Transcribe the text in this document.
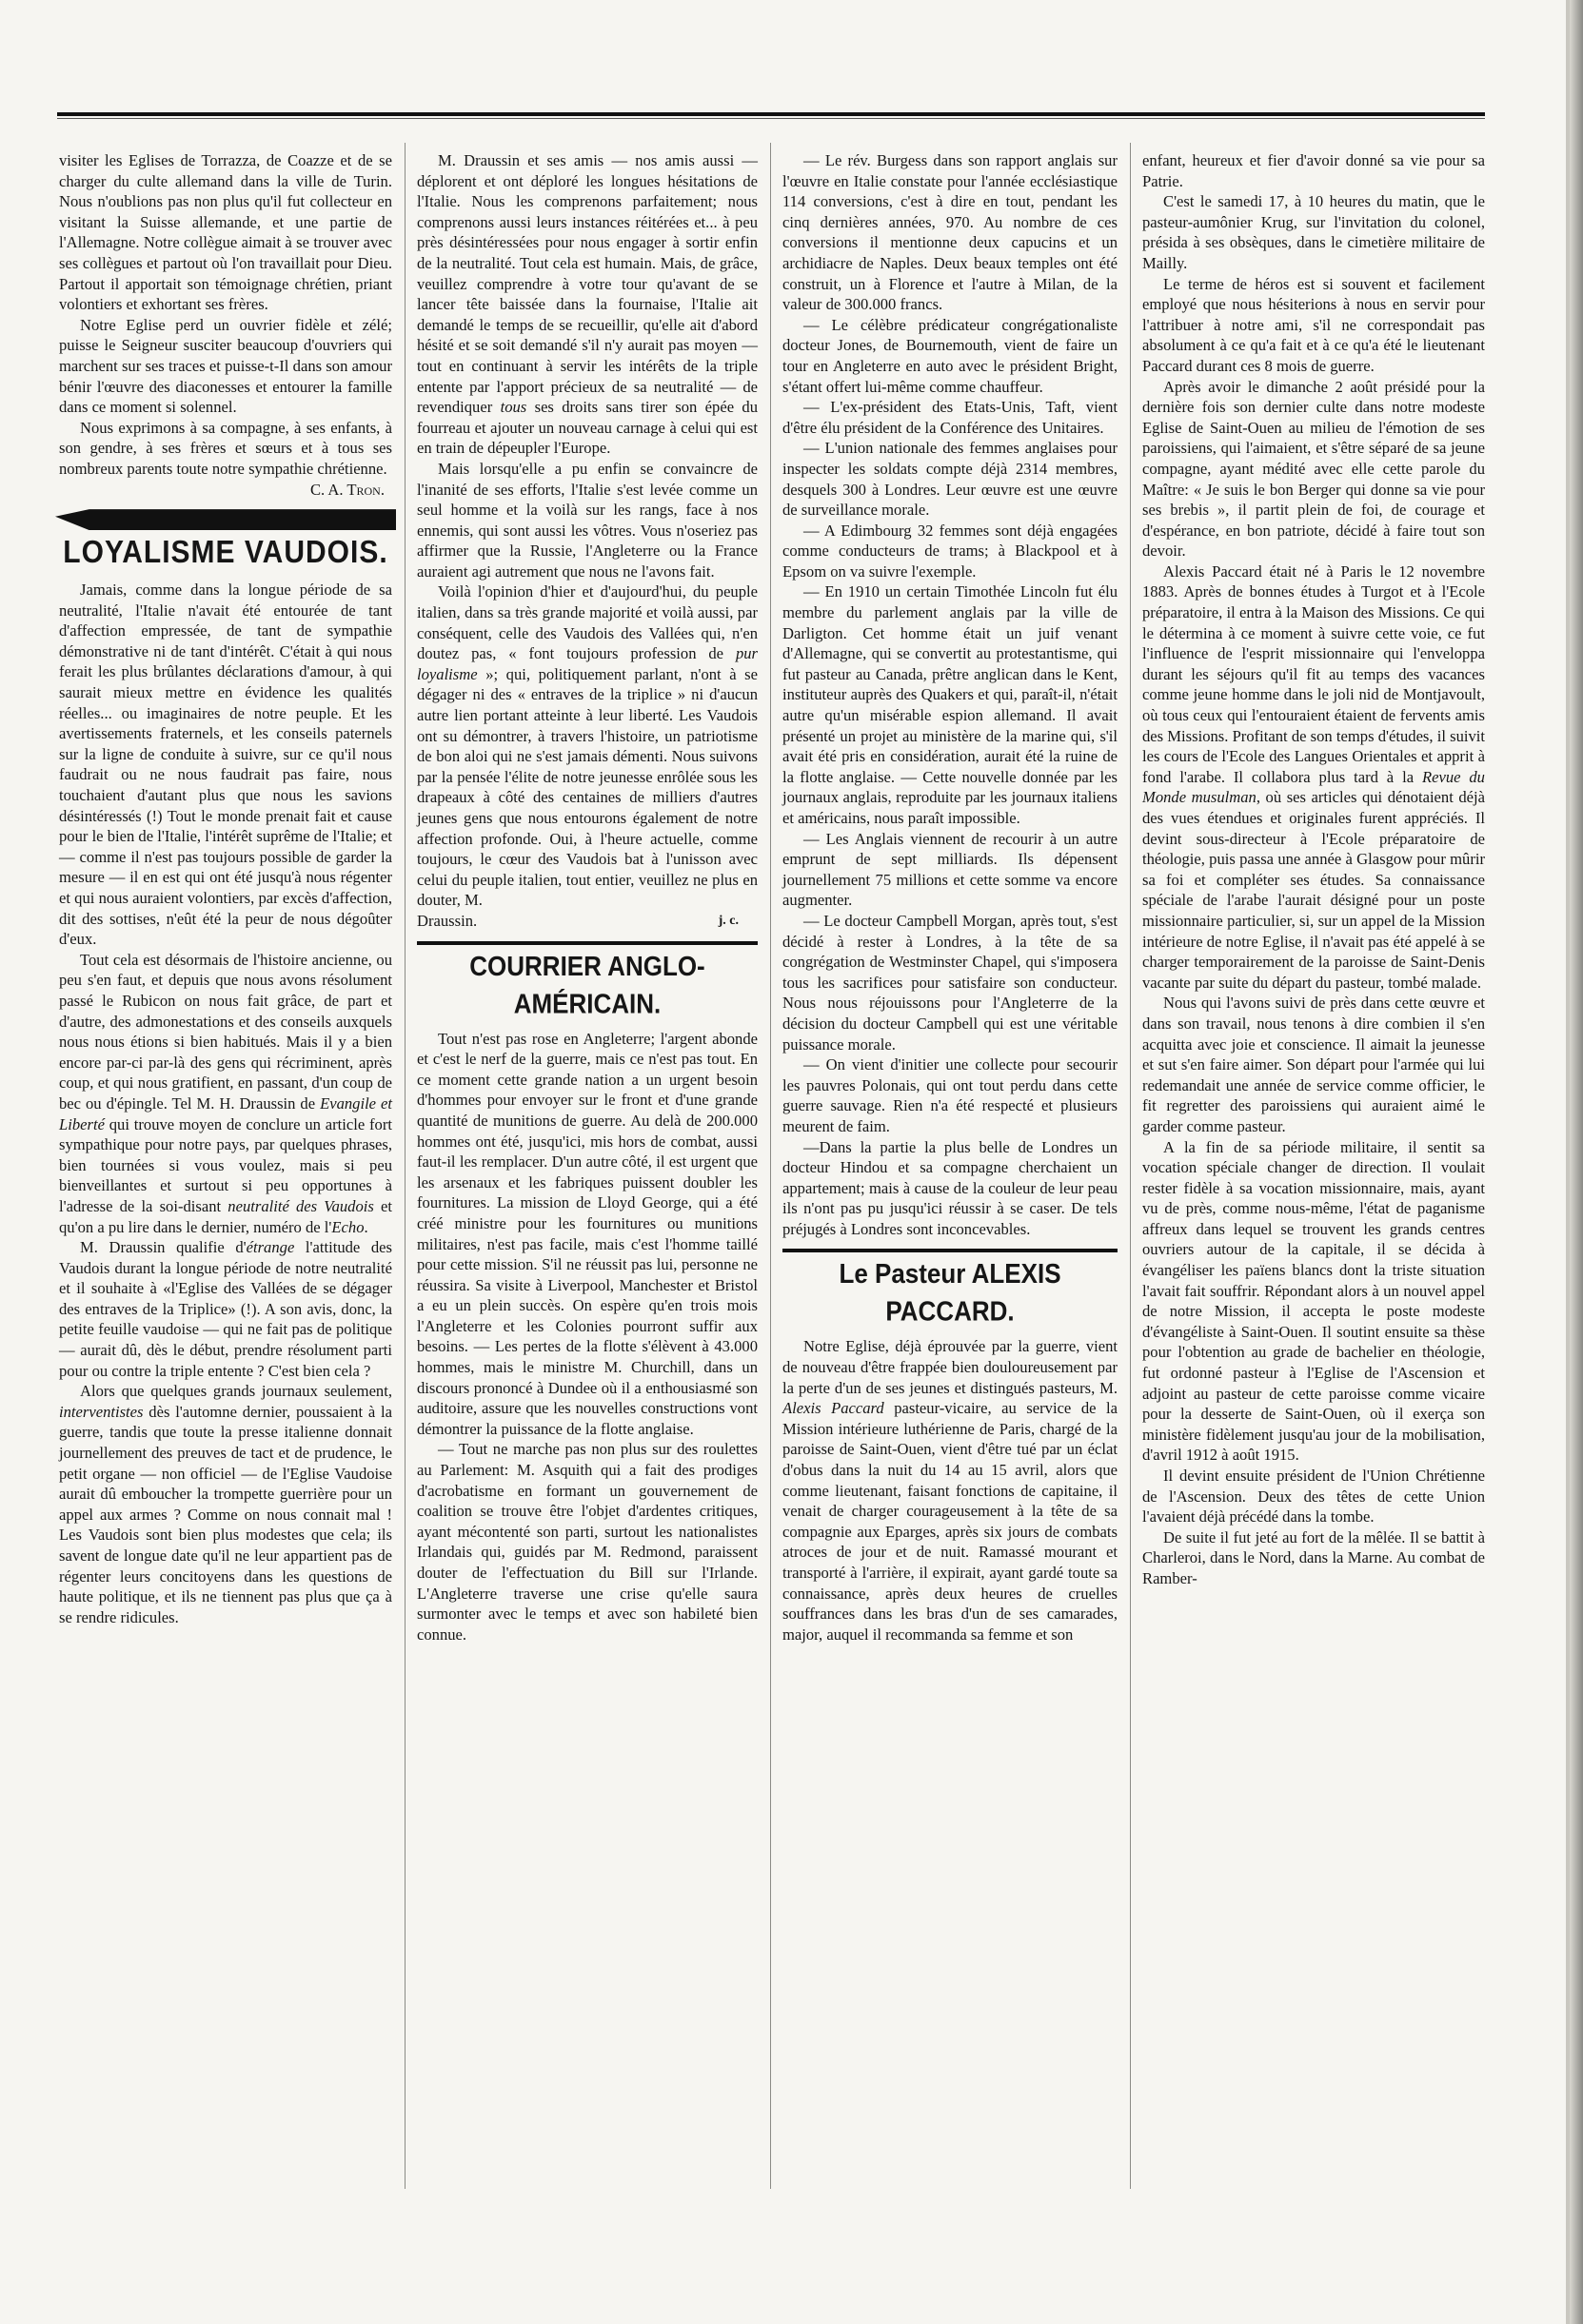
visiter les Eglises de Torrazza, de Coazze et de se charger du culte allemand dans la ville de Turin. Nous n'oublions pas non plus qu'il fut collecteur en visitant la Suisse allemande, et une partie de l'Allemagne. Notre collègue aimait à se trouver avec ses collègues et partout où l'on travaillait pour Dieu. Partout il apportait son témoignage chrétien, priant volontiers et exhortant ses frères.

Notre Eglise perd un ouvrier fidèle et zélé; puisse le Seigneur susciter beaucoup d'ouvriers qui marchent sur ses traces et puisse-t-Il dans son amour bénir l'œuvre des diaconesses et entourer la famille dans ce moment si solennel.

Nous exprimons à sa compagne, à ses enfants, à son gendre, à ses frères et sœurs et à tous ses nombreux parents toute notre sympathie chrétienne.

C. A. Tron.
LOYALISME VAUDOIS.

Jamais, comme dans la longue période de sa neutralité, l'Italie n'avait été entourée de tant d'affection empressée, de tant de sympathie démonstrative ni de tant d'intérêt. C'était à qui nous ferait les plus brûlantes déclarations d'amour, à qui saurait mieux mettre en évidence les qualités réelles... ou imaginaires de notre peuple. Et les avertissements fraternels, et les conseils paternels sur la ligne de conduite à suivre, sur ce qu'il nous faudrait ou ne nous faudrait pas faire, nous touchaient d'autant plus que nous les savions désintéressés (!) Tout le monde prenait fait et cause pour le bien de l'Italie, l'intérêt suprême de l'Italie; et — comme il n'est pas toujours possible de garder la mesure — il en est qui ont été jusqu'à nous régenter et qui nous auraient volontiers, par excès d'affection, dit des sottises, n'eût été la peur de nous dégoûter d'eux.

Tout cela est désormais de l'histoire ancienne, ou peu s'en faut, et depuis que nous avons résolument passé le Rubicon on nous fait grâce, de part et d'autre, des admonestations et des conseils auxquels nous nous étions si bien habitués. Mais il y a bien encore par-ci par-là des gens qui récriminent, après coup, et qui nous gratifient, en passant, d'un coup de bec ou d'épingle. Tel M. H. Draussin de Evangile et Liberté qui trouve moyen de conclure un article fort sympathique pour notre pays, par quelques phrases, bien tournées si vous voulez, mais si peu bienveillantes et surtout si peu opportunes à l'adresse de la soi-disant neutralité des Vaudois et qu'on a pu lire dans le dernier, numéro de l'Echo.

M. Draussin qualifie d'étrange l'attitude des Vaudois durant la longue période de notre neutralité et il souhaite à «l'Eglise des Vallées de se dégager des entraves de la Triplice» (!). A son avis, donc, la petite feuille vaudoise — qui ne fait pas de politique — aurait dû, dès le début, prendre résolument parti pour ou contre la triple entente ? C'est bien cela ?

Alors que quelques grands journaux seulement, interventistes dès l'automne dernier, poussaient à la guerre, tandis que toute la presse italienne donnait journellement des preuves de tact et de prudence, le petit organe — non officiel — de l'Eglise Vaudoise aurait dû emboucher la trompette guerrière pour un appel aux armes ? Comme on nous connait mal ! Les Vaudois sont bien plus modestes que cela; ils savent de longue date qu'il ne leur appartient pas de régenter leurs concitoyens dans les questions de haute politique, et ils ne tiennent pas plus que ça à se rendre ridicules.

M. Draussin et ses amis — nos amis aussi — déplorent et ont déploré les longues hésitations de l'Italie. Nous les comprenons parfaitement; nous comprenons aussi leurs instances réitérées et... à peu près désintéressées pour nous engager à sortir enfin de la neutralité. Tout cela est humain. Mais, de grâce, veuillez comprendre à votre tour qu'avant de se lancer tête baissée dans la fournaise, l'Italie ait demandé le temps de se recueillir, qu'elle ait d'abord hésité et se soit demandé s'il n'y aurait pas moyen — tout en continuant à servir les intérêts de la triple entente par l'apport précieux de sa neutralité — de revendiquer tous ses droits sans tirer son épée du fourreau et ajouter un nouveau carnage à celui qui est en train de dépeupler l'Europe.

Mais lorsqu'elle a pu enfin se convaincre de l'inanité de ses efforts, l'Italie s'est levée comme un seul homme et la voilà sur les rangs, face à nos ennemis, qui sont aussi les vôtres. Vous n'oseriez pas affirmer que la Russie, l'Angleterre ou la France auraient agi autrement que nous ne l'avons fait.

Voilà l'opinion d'hier et d'aujourd'hui, du peuple italien, dans sa très grande majorité et voilà aussi, par conséquent, celle des Vaudois des Vallées qui, n'en doutez pas, « font toujours profession de pur loyalisme »; qui, politiquement parlant, n'ont à se dégager ni des « entraves de la triplice » ni d'aucun autre lien portant atteinte à leur liberté. Les Vaudois ont su démontrer, à travers l'histoire, un patriotisme de bon aloi qui ne s'est jamais démenti. Nous suivons par la pensée l'élite de notre jeunesse enrôlée sous les drapeaux à côté des centaines de milliers d'autres jeunes gens que nous entourons également de notre affection profonde. Oui, à l'heure actuelle, comme toujours, le cœur des Vaudois bat à l'unisson avec celui du peuple italien, tout entier, veuillez ne plus en douter, M.

Draussin.	j. c.
COURRIER ANGLO-AMÉRICAIN.

Tout n'est pas rose en Angleterre; l'argent abonde et c'est le nerf de la guerre, mais ce n'est pas tout. En ce moment cette grande nation a un urgent besoin d'hommes pour envoyer sur le front et d'une grande quantité de munitions de guerre. Au delà de 200.000 hommes ont été, jusqu'ici, mis hors de combat, aussi faut-il les remplacer. D'un autre côté, il est urgent que les arsenaux et les fabriques puissent doubler les fournitures. La mission de Lloyd George, qui a été créé ministre pour les fournitures ou munitions militaires, n'est pas facile, mais c'est l'homme taillé pour cette mission. S'il ne réussit pas lui, personne ne réussira. Sa visite à Liverpool, Manchester et Bristol a eu un plein succès. On espère qu'en trois mois l'Angleterre et les Colonies pourront suffir aux besoins. — Les pertes de la flotte s'élèvent à 43.000 hommes, mais le ministre M. Churchill, dans un discours prononcé à Dundee où il a enthousiasmé son auditoire, assure que les nouvelles constructions vont démontrer la puissance de la flotte anglaise.

— Tout ne marche pas non plus sur des roulettes au Parlement: M. Asquith qui a fait des prodiges d'acrobatisme en formant un gouvernement de coalition se trouve être l'objet d'ardentes critiques, ayant mécontenté son parti, surtout les nationalistes Irlandais qui, guidés par M. Redmond, paraissent douter de l'effectuation du Bill sur l'Irlande. L'Angleterre traverse une crise qu'elle saura surmonter avec le temps et avec son habileté bien connue.

— Le rév. Burgess dans son rapport anglais sur l'œuvre en Italie constate pour l'année ecclésiastique 114 conversions, c'est à dire en tout, pendant les cinq dernières années, 970. Au nombre de ces conversions il mentionne deux capucins et un archidiacre de Naples. Deux beaux temples ont été construit, un à Florence et l'autre à Milan, de la valeur de 300.000 francs.

— Le célèbre prédicateur congrégationaliste docteur Jones, de Bournemouth, vient de faire un tour en Angleterre en auto avec le président Bright, s'étant offert lui-même comme chauffeur.

— L'ex-président des Etats-Unis, Taft, vient d'être élu président de la Conférence des Unitaires.

— L'union nationale des femmes anglaises pour inspecter les soldats compte déjà 2314 membres, desquels 300 à Londres. Leur œuvre est une œuvre de surveillance morale.

— A Edimbourg 32 femmes sont déjà engagées comme conducteurs de trams; à Blackpool et à Epsom on va suivre l'exemple.

— En 1910 un certain Timothée Lincoln fut élu membre du parlement anglais par la ville de Darligton. Cet homme était un juif venant d'Allemagne, qui se convertit au protestantisme, qui fut pasteur au Canada, prêtre anglican dans le Kent, instituteur auprès des Quakers et qui, paraît-il, n'était autre qu'un misérable espion allemand. Il avait présenté un projet au ministère de la marine qui, s'il avait été pris en considération, aurait été la ruine de la flotte anglaise. — Cette nouvelle donnée par les journaux anglais, reproduite par les journaux italiens et américains, nous paraît impossible.

— Les Anglais viennent de recourir à un autre emprunt de sept milliards. Ils dépensent journellement 75 millions et cette somme va encore augmenter.

— Le docteur Campbell Morgan, après tout, s'est décidé à rester à Londres, à la tête de sa congrégation de Westminster Chapel, qui s'imposera tous les sacrifices pour satisfaire son conducteur. Nous nous réjouissons pour l'Angleterre de la décision du docteur Campbell qui est une véritable puissance morale.

— On vient d'initier une collecte pour secourir les pauvres Polonais, qui ont tout perdu dans cette guerre sauvage. Rien n'a été respecté et plusieurs meurent de faim.

—Dans la partie la plus belle de Londres un docteur Hindou et sa compagne cherchaient un appartement; mais à cause de la couleur de leur peau ils n'ont pas pu jusqu'ici réussir à se caser. De tels préjugés à Londres sont inconcevables.

Le Pasteur ALEXIS PACCARD.

Notre Eglise, déjà éprouvée par la guerre, vient de nouveau d'être frappée bien douloureusement par la perte d'un de ses jeunes et distingués pasteurs, M. Alexis Paccard pasteur-vicaire, au service de la Mission intérieure luthérienne de Paris, chargé de la paroisse de Saint-Ouen, vient d'être tué par un éclat d'obus dans la nuit du 14 au 15 avril, alors que comme lieutenant, faisant fonctions de capitaine, il venait de charger courageusement à la tête de sa compagnie aux Eparges, après six jours de combats atroces de jour et de nuit. Ramassé mourant et transporté à l'arrière, il expirait, ayant gardé toute sa connaissance, après deux heures de cruelles souffrances dans les bras d'un de ses camarades, major, auquel il recommanda sa femme et son

enfant, heureux et fier d'avoir donné sa vie pour sa Patrie.

C'est le samedi 17, à 10 heures du matin, que le pasteur-aumônier Krug, sur l'invitation du colonel, présida à ses obsèques, dans le cimetière militaire de Mailly.

Le terme de héros est si souvent et facilement employé que nous hésiterions à nous en servir pour l'attribuer à notre ami, s'il ne correspondait pas absolument à ce qu'a fait et à ce qu'a été le lieutenant Paccard durant ces 8 mois de guerre.

Après avoir le dimanche 2 août présidé pour la dernière fois son dernier culte dans notre modeste Eglise de Saint-Ouen au milieu de l'émotion de ses paroissiens, qui l'aimaient, et s'être séparé de sa jeune compagne, ayant médité avec elle cette parole du Maître: « Je suis le bon Berger qui donne sa vie pour ses brebis », il partit plein de foi, de courage et d'espérance, en bon patriote, décidé à faire tout son devoir.

Alexis Paccard était né à Paris le 12 novembre 1883. Après de bonnes études à Turgot et à l'Ecole préparatoire, il entra à la Maison des Missions. Ce qui le détermina à ce moment à suivre cette voie, ce fut l'influence de l'esprit missionnaire qui l'enveloppa durant les séjours qu'il fit au temps des vacances comme jeune homme dans le joli nid de Montjavoult, où tous ceux qui l'entouraient étaient de fervents amis des Missions. Profitant de son temps d'études, il suivit les cours de l'Ecole des Langues Orientales et apprit à fond l'arabe. Il collabora plus tard à la Revue du Monde musulman, où ses articles qui dénotaient déjà des vues étendues et originales furent appréciés. Il devint sous-directeur à l'Ecole préparatoire de théologie, puis passa une année à Glasgow pour mûrir sa foi et compléter ses études. Sa connaissance spéciale de l'arabe l'aurait désigné pour un poste missionnaire particulier, si, sur un appel de la Mission intérieure de notre Eglise, il n'avait pas été appelé à se charger temporairement de la paroisse de Saint-Denis vacante par suite du départ du pasteur, tombé malade.

Nous qui l'avons suivi de près dans cette œuvre et dans son travail, nous tenons à dire combien il s'en acquitta avec joie et conscience. Il aimait la jeunesse et sut s'en faire aimer. Son départ pour l'armée qui lui redemandait une année de service comme officier, le fit regretter des paroissiens qui auraient aimé le garder comme pasteur.

A la fin de sa période militaire, il sentit sa vocation spéciale changer de direction. Il voulait rester fidèle à sa vocation missionnaire, mais, ayant vu de près, comme nous-même, l'état de paganisme affreux dans lequel se trouvent les grands centres ouvriers autour de la capitale, il se décida à évangéliser les païens blancs dont la triste situation l'avait fait souffrir. Répondant alors à un nouvel appel de notre Mission, il accepta le poste modeste d'évangéliste à Saint-Ouen. Il soutint ensuite sa thèse pour l'obtention au grade de bachelier en théologie, fut ordonné pasteur à l'Eglise de l'Ascension et adjoint au pasteur de cette paroisse comme vicaire pour la desserte de Saint-Ouen, où il exerça son ministère fidèlement jusqu'au jour de la mobilisation, d'avril 1912 à août 1915.

Il devint ensuite président de l'Union Chrétienne de l'Ascension. Deux des têtes de cette Union l'avaient déjà précédé dans la tombe.

De suite il fut jeté au fort de la mêlée. Il se battit à Charleroi, dans le Nord, dans la Marne. Au combat de Ramber-
